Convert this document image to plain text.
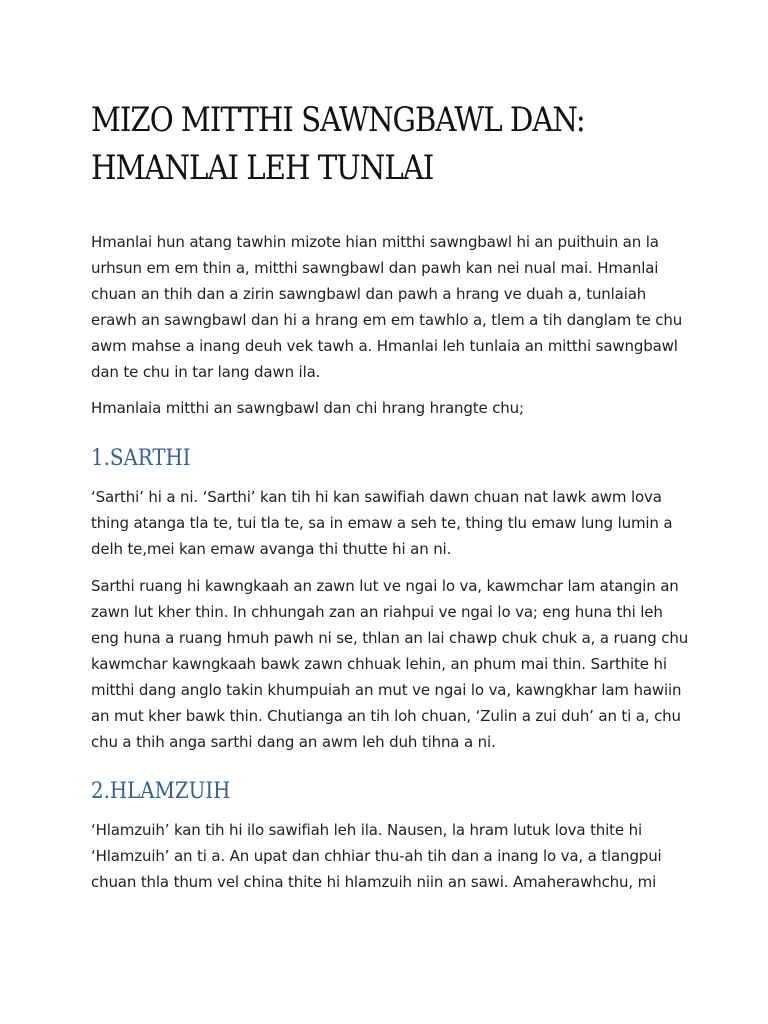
MIZO MITTHI SAWNGBAWL DAN:
HMANLAI LEH TUNLAI

Hmanlai hun atang tawhin mizote hian mitthi sawngbawl hi an puithuin an la urhsun em em thin a, mitthi sawngbawl dan pawh kan nei nual mai. Hmanlai chuan an thih dan a zirin sawngbawl dan pawh a hrang ve duah a, tunlaiah erawh an sawngbawl dan hi a hrang em em tawhlo a, tlem a tih danglam te chu awm mahse a inang deuh vek tawh a. Hmanlai leh tunlaia an mitthi sawngbawl dan te chu in tar lang dawn ila.

Hmanlaia mitthi an sawngbawl dan chi hrang hrangte chu;

1.SARTHI

‘Sarthi’ hi a ni. ‘Sarthi’ kan tih hi kan sawifiah dawn chuan nat lawk awm lova thing atanga tla te, tui tla te, sa in emaw a seh te, thing tlu emaw lung lumin a delh te,mei kan emaw avanga thi thutte hi an ni.

Sarthi ruang hi kawngkaah an zawn lut ve ngai lo va, kawmchar lam atangin an zawn lut kher thin. In chhungah zan an riahpui ve ngai lo va; eng huna thi leh eng huna a ruang hmuh pawh ni se, thlan an lai chawp chuk chuk a, a ruang chu kawmchar kawngkaah bawk zawn chhuak lehin, an phum mai thin. Sarthite hi mitthi dang anglo takin khumpuiah an mut ve ngai lo va, kawngkhar lam hawiin an mut kher bawk thin. Chutianga an tih loh chuan, ‘Zulin a zui duh’ an ti a, chu chu a thih anga sarthi dang an awm leh duh tihna a ni.

2.HLAMZUIH

‘Hlamzuih’ kan tih hi ilo sawifiah leh ila. Nausen, la hram lutuk lova thite hi ‘Hlamzuih’ an ti a. An upat dan chhiar thu-ah tih dan a inang lo va, a tlangpui chuan thla thum vel china thite hi hlamzuih niin an sawi. Amaherawhchu, mi
